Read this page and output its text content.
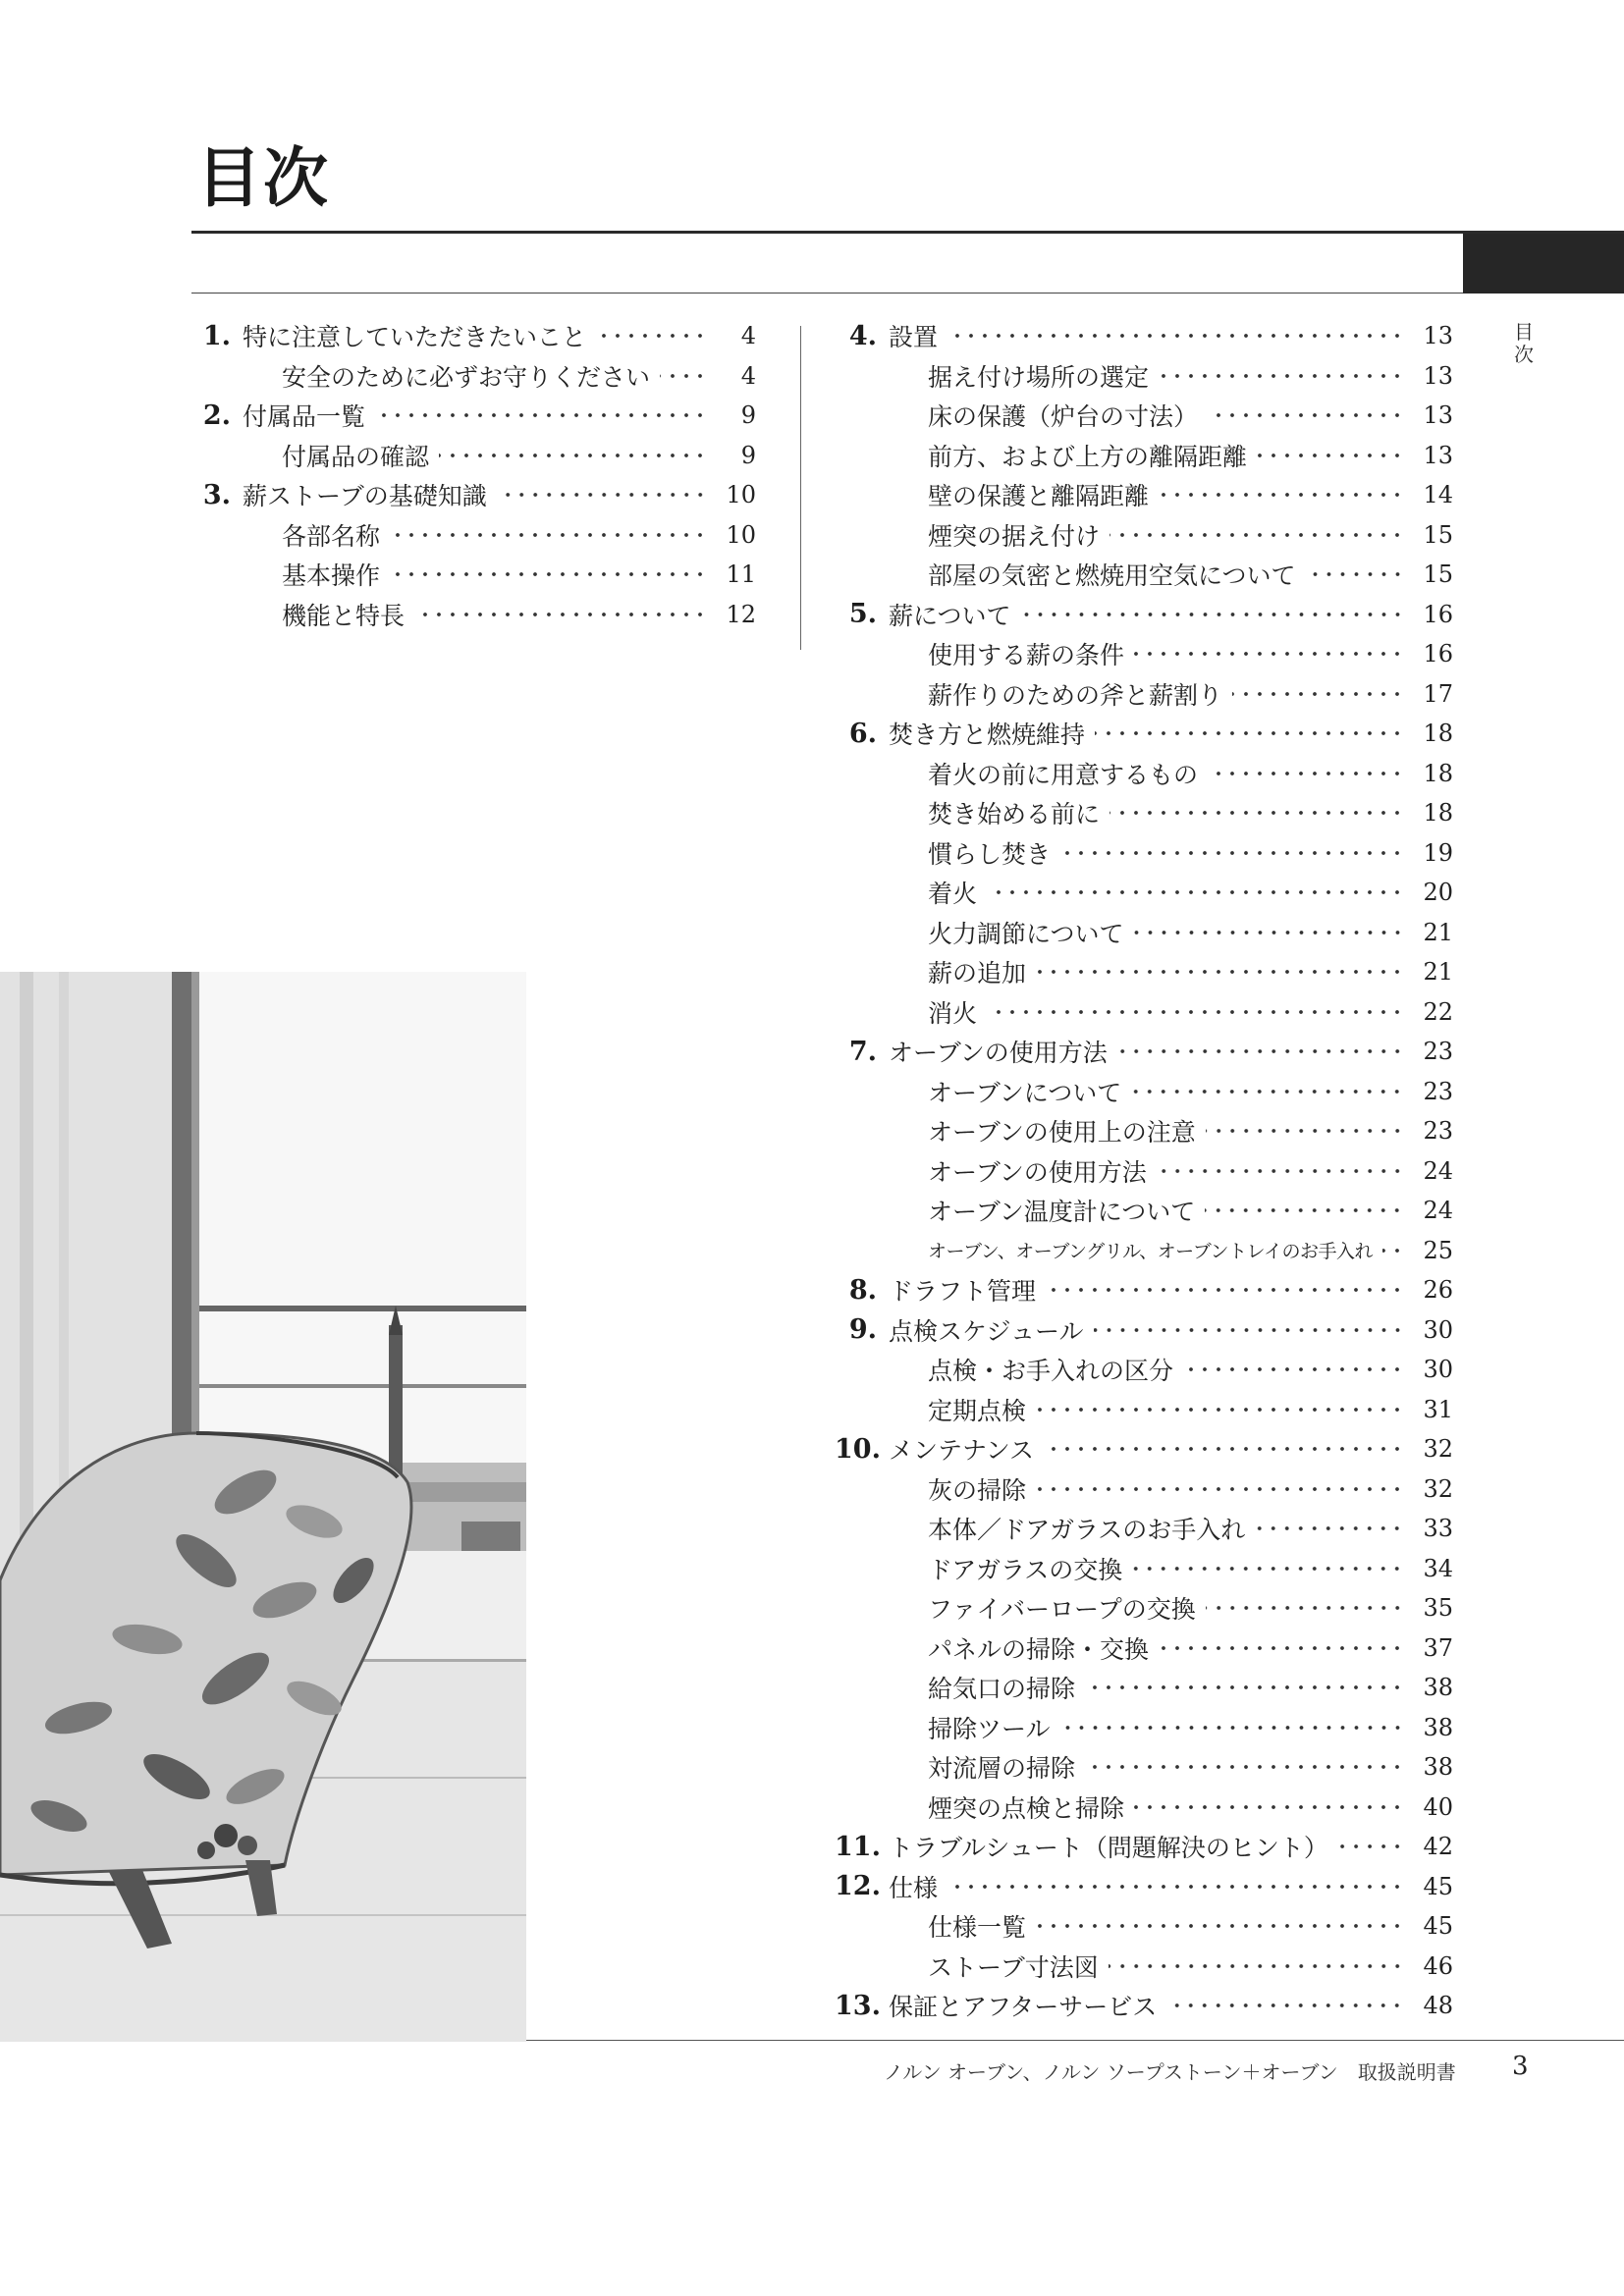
目次
目
次
1. 特に注意していただきたいこと	4
安全のために必ずお守りください	4
2. 付属品一覧	9
付属品の確認	9
3. 薪ストーブの基礎知識	10
各部名称	10
基本操作	11
機能と特長	12
4. 設置	13
据え付け場所の選定	13
床の保護（炉台の寸法）	13
前方、および上方の離隔距離	13
壁の保護と離隔距離	14
煙突の据え付け	15
部屋の気密と燃焼用空気について	15
5. 薪について	16
使用する薪の条件	16
薪作りのための斧と薪割り	17
6. 焚き方と燃焼維持	18
着火の前に用意するもの	18
焚き始める前に	18
慣らし焚き	19
着火	20
火力調節について	21
薪の追加	21
消火	22
7. オーブンの使用方法	23
オーブンについて	23
オーブンの使用上の注意	23
オーブンの使用方法	24
オーブン温度計について	24
オーブン、オーブングリル、オーブントレイのお手入れ	25
8. ドラフト管理	26
9. 点検スケジュール	30
点検・お手入れの区分	30
定期点検	31
10. メンテナンス	32
灰の掃除	32
本体／ドアガラスのお手入れ	33
ドアガラスの交換	34
ファイバーロープの交換	35
パネルの掃除・交換	37
給気口の掃除	38
掃除ツール	38
対流層の掃除	38
煙突の点検と掃除	40
11. トラブルシュート（問題解決のヒント）	42
12. 仕様	45
仕様一覧	45
ストーブ寸法図	46
13. 保証とアフターサービス	48
ノルン オーブン、ノルン ソープストーン＋オーブン　取扱説明書 3
